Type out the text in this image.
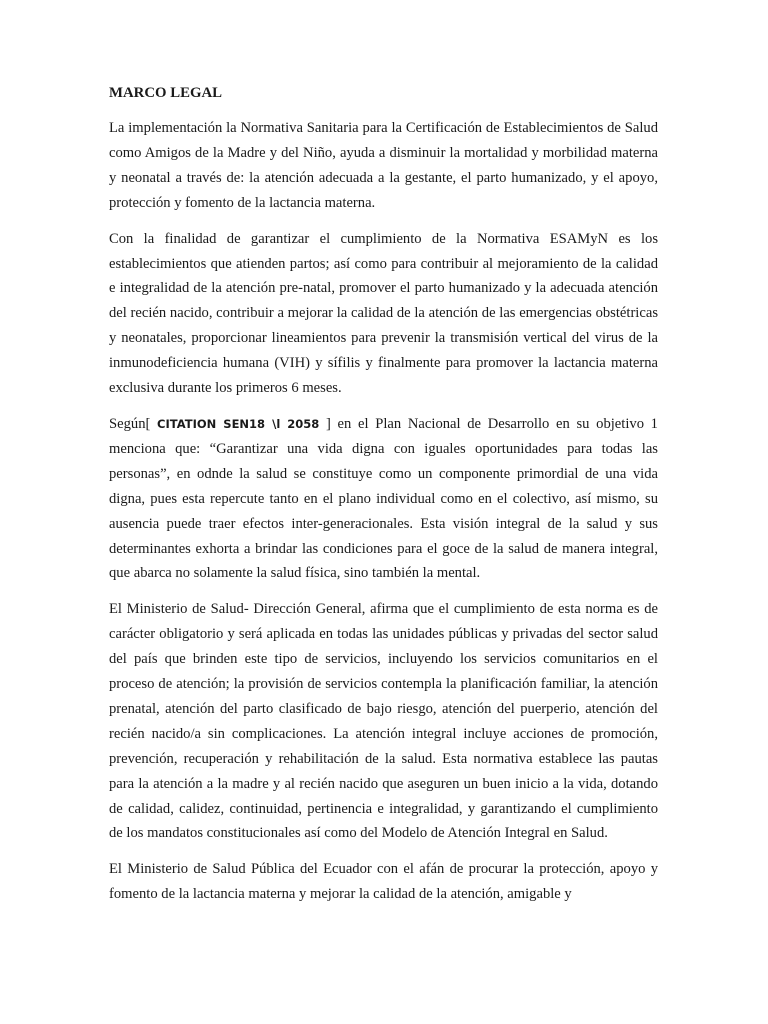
MARCO LEGAL

La implementación la Normativa Sanitaria para la Certificación de Establecimientos de Salud como Amigos de la Madre y del Niño, ayuda a disminuir la mortalidad y morbilidad materna y neonatal a través de: la atención adecuada a la gestante, el parto humanizado, y el apoyo, protección y fomento de la lactancia materna.

Con la finalidad de garantizar el cumplimiento de la Normativa ESAMyN es los establecimientos que atienden partos; así como para contribuir al mejoramiento de la calidad e integralidad de la atención pre-natal, promover el parto humanizado y la adecuada atención del recién nacido, contribuir a mejorar la calidad de la atención de las emergencias obstétricas y neonatales, proporcionar lineamientos para prevenir la transmisión vertical del virus de la inmunodeficiencia humana (VIH) y sífilis y finalmente para promover la lactancia materna exclusiva durante los primeros 6 meses.

Según[ CITATION SEN18 \l 2058 ] en el Plan Nacional de Desarrollo en su objetivo 1 menciona que: “Garantizar una vida digna con iguales oportunidades para todas las personas”, en odnde la salud se constituye como un componente primordial de una vida digna, pues esta repercute tanto en el plano individual como en el colectivo, así mismo, su ausencia puede traer efectos inter-generacionales. Esta visión integral de la salud y sus determinantes exhorta a brindar las condiciones para el goce de la salud de manera integral, que abarca no solamente la salud física, sino también la mental.

El Ministerio de Salud- Dirección General, afirma que el cumplimiento de esta norma es de carácter obligatorio y será aplicada en todas las unidades públicas y privadas del sector salud del país que brinden este tipo de servicios, incluyendo los servicios comunitarios en el proceso de atención; la provisión de servicios contempla la planificación familiar, la atención prenatal, atención del parto clasificado de bajo riesgo, atención del puerperio, atención del recién nacido/a sin complicaciones. La atención integral incluye acciones de promoción, prevención, recuperación y rehabilitación de la salud. Esta normativa establece las pautas para la atención a la madre y al recién nacido que aseguren un buen inicio a la vida, dotando de calidad, calidez, continuidad, pertinencia e integralidad, y garantizando el cumplimiento de los mandatos constitucionales así como del Modelo de Atención Integral en Salud.

El Ministerio de Salud Pública del Ecuador con el afán de procurar la protección, apoyo y fomento de la lactancia materna y mejorar la calidad de la atención, amigable y
